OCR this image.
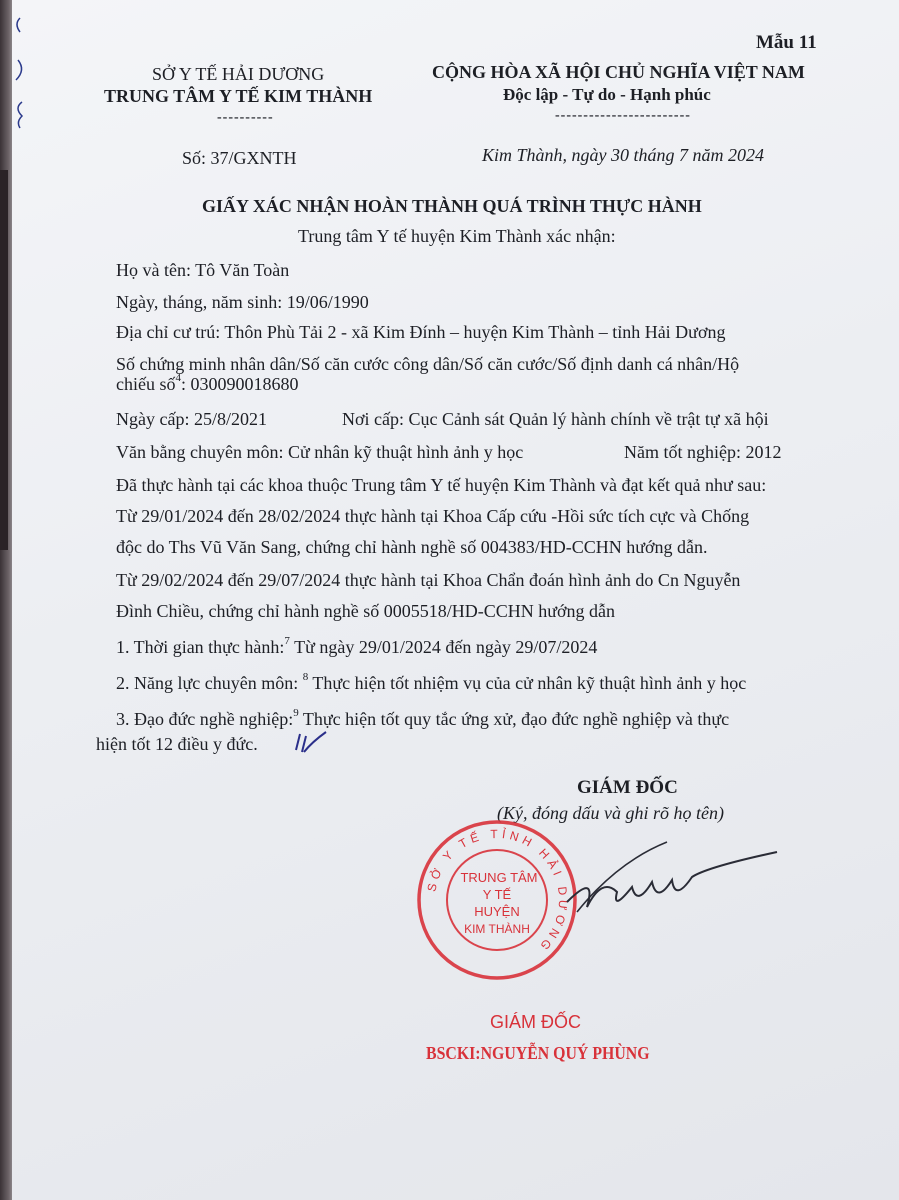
Mẫu 11
SỞ Y TẾ HẢI DƯƠNG
TRUNG TÂM Y TẾ KIM THÀNH
----------
CỘNG HÒA XÃ HỘI CHỦ NGHĨA VIỆT NAM
Độc lập - Tự do - Hạnh phúc
------------------------
Số: 37/GXNTH	Kim Thành, ngày 30 tháng 7 năm 2024
GIẤY XÁC NHẬN HOÀN THÀNH QUÁ TRÌNH THỰC HÀNH
Trung tâm Y tế huyện Kim Thành xác nhận:
Họ và tên: Tô Văn Toàn
Ngày, tháng, năm sinh: 19/06/1990
Địa chỉ cư trú: Thôn Phù Tải 2 - xã Kim Đính – huyện Kim Thành – tỉnh Hải Dương
Số chứng minh nhân dân/Số căn cước công dân/Số căn cước/Số định danh cá nhân/Hộ
chiếu số$^4$: 030090018680
Ngày cấp: 25/8/2021	Nơi cấp: Cục Cảnh sát Quản lý hành chính về trật tự xã hội
Văn bằng chuyên môn: Cử nhân kỹ thuật hình ảnh y học	Năm tốt nghiệp: 2012
Đã thực hành tại các khoa thuộc Trung tâm Y tế huyện Kim Thành và đạt kết quả như sau:
Từ 29/01/2024 đến 28/02/2024 thực hành tại Khoa Cấp cứu -Hồi sức tích cực và Chống
độc do Ths Vũ Văn Sang, chứng chỉ hành nghề số 004383/HD-CCHN hướng dẫn.
Từ 29/02/2024 đến 29/07/2024 thực hành tại Khoa Chẩn đoán hình ảnh do Cn Nguyễn
Đình Chiều, chứng chỉ hành nghề số 0005518/HD-CCHN hướng dẫn
1. Thời gian thực hành:$^7$ Từ ngày 29/01/2024 đến ngày 29/07/2024
2. Năng lực chuyên môn: $^8$ Thực hiện tốt nhiệm vụ của cử nhân kỹ thuật hình ảnh y học
3. Đạo đức nghề nghiệp:$^9$ Thực hiện tốt quy tắc ứng xử, đạo đức nghề nghiệp và thực
hiện tốt 12 điều y đức.
GIÁM ĐỐC
(Ký, đóng dấu và ghi rõ họ tên)
SỞ Y TẾ TỈNH HẢI DƯƠNG
TRUNG TÂM
Y TẾ
HUYỆN
KIM THÀNH
GIÁM ĐỐC
BSCKI:NGUYỄN QUÝ PHÙNG
